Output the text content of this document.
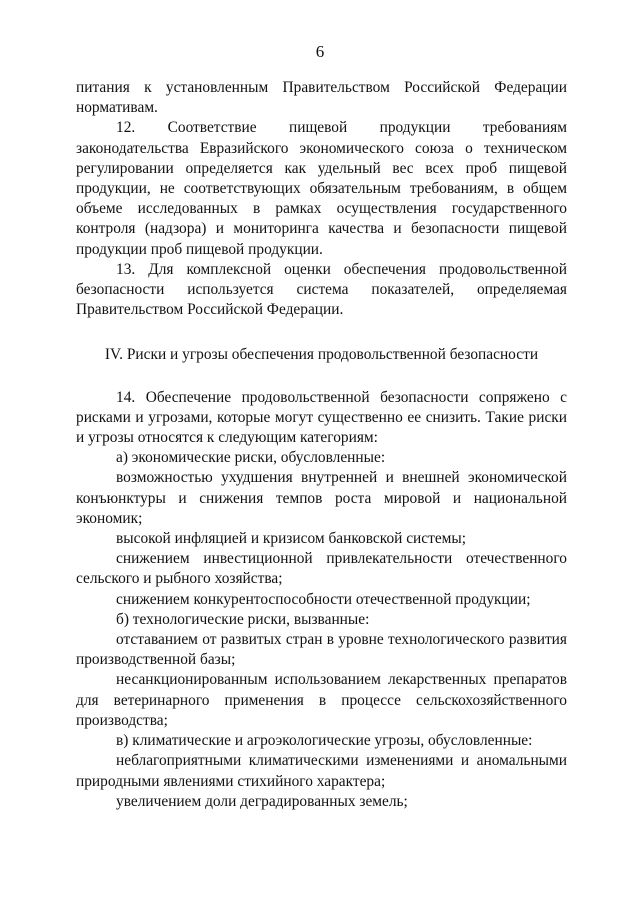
6

питания к установленным Правительством Российской Федерации нормативам.

12. Соответствие пищевой продукции требованиям законодательства Евразийского экономического союза о техническом регулировании определяется как удельный вес всех проб пищевой продукции, не соответствующих обязательным требованиям, в общем объеме исследованных в рамках осуществления государственного контроля (надзора) и мониторинга качества и безопасности пищевой продукции проб пищевой продукции.

13. Для комплексной оценки обеспечения продовольственной безопасности используется система показателей, определяемая Правительством Российской Федерации.

IV. Риски и угрозы обеспечения продовольственной безопасности

14. Обеспечение продовольственной безопасности сопряжено с рисками и угрозами, которые могут существенно ее снизить. Такие риски и угрозы относятся к следующим категориям:

а) экономические риски, обусловленные:

возможностью ухудшения внутренней и внешней экономической конъюнктуры и снижения темпов роста мировой и национальной экономик;

высокой инфляцией и кризисом банковской системы;

снижением инвестиционной привлекательности отечественного сельского и рыбного хозяйства;

снижением конкурентоспособности отечественной продукции;

б) технологические риски, вызванные:

отставанием от развитых стран в уровне технологического развития производственной базы;

несанкционированным использованием лекарственных препаратов для ветеринарного применения в процессе сельскохозяйственного производства;

в) климатические и агроэкологические угрозы, обусловленные:

неблагоприятными климатическими изменениями и аномальными природными явлениями стихийного характера;

увеличением доли деградированных земель;
